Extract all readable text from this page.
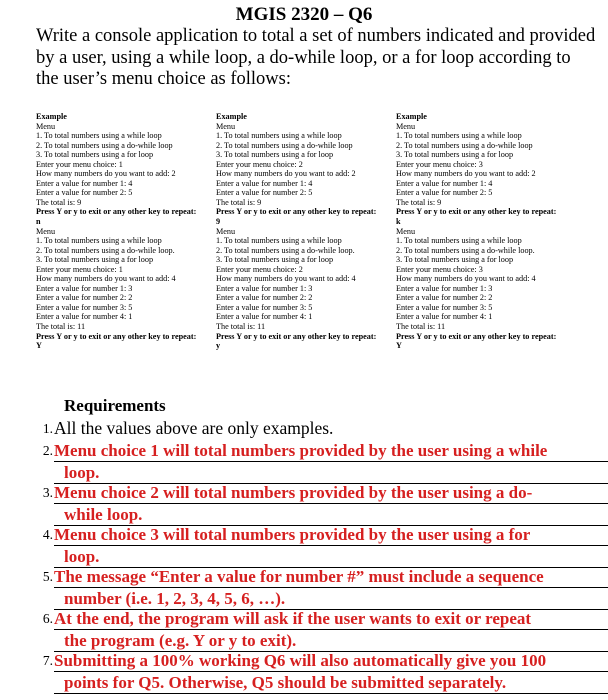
MGIS 2320 – Q6
Write a console application to total a set of numbers indicated and provided by a user, using a while loop, a do-while loop, or a for loop according to the user’s menu choice as follows:
Example
Menu
1. To total numbers using a while loop
2. To total numbers using a do-while loop
3. To total numbers using a for loop
Enter your menu choice: 1
How many numbers do you want to add: 2
Enter a value for number 1: 4
Enter a value for number 2: 5
The total is: 9
Press Y or y to exit or any other key to repeat:
n
Menu
1. To total numbers using a while loop
2. To total numbers using a do-while loop.
3. To total numbers using a for loop
Enter your menu choice: 1
How many numbers do you want to add: 4
Enter a value for number 1: 3
Enter a value for number 2: 2
Enter a value for number 3: 5
Enter a value for number 4: 1
The total is: 11
Press Y or y to exit or any other key to repeat:
Y
Example
Menu
1. To total numbers using a while loop
2. To total numbers using a do-while loop
3. To total numbers using a for loop
Enter your menu choice: 2
How many numbers do you want to add: 2
Enter a value for number 1: 4
Enter a value for number 2: 5
The total is: 9
Press Y or y to exit or any other key to repeat:
9
Menu
1. To total numbers using a while loop
2. To total numbers using a do-while loop.
3. To total numbers using a for loop
Enter your menu choice: 2
How many numbers do you want to add: 4
Enter a value for number 1: 3
Enter a value for number 2: 2
Enter a value for number 3: 5
Enter a value for number 4: 1
The total is: 11
Press Y or y to exit or any other key to repeat:
y
Example
Menu
1. To total numbers using a while loop
2. To total numbers using a do-while loop
3. To total numbers using a for loop
Enter your menu choice: 3
How many numbers do you want to add: 2
Enter a value for number 1: 4
Enter a value for number 2: 5
The total is: 9
Press Y or y to exit or any other key to repeat:
k
Menu
1. To total numbers using a while loop
2. To total numbers using a do-while loop.
3. To total numbers using a for loop
Enter your menu choice: 3
How many numbers do you want to add: 4
Enter a value for number 1: 3
Enter a value for number 2: 2
Enter a value for number 3: 5
Enter a value for number 4: 1
The total is: 11
Press Y or y to exit or any other key to repeat:
Y
Requirements
1. All the values above are only examples.
2. Menu choice 1 will total numbers provided by the user using a while
loop.
3. Menu choice 2 will total numbers provided by the user using a do-
while loop.
4. Menu choice 3 will total numbers provided by the user using a for
loop.
5. The message “Enter a value for number #” must include a sequence
number (i.e. 1, 2, 3, 4, 5, 6, …).
6. At the end, the program will ask if the user wants to exit or repeat
the program (e.g. Y or y to exit).
7. Submitting a 100% working Q6 will also automatically give you 100
points for Q5. Otherwise, Q5 should be submitted separately.
